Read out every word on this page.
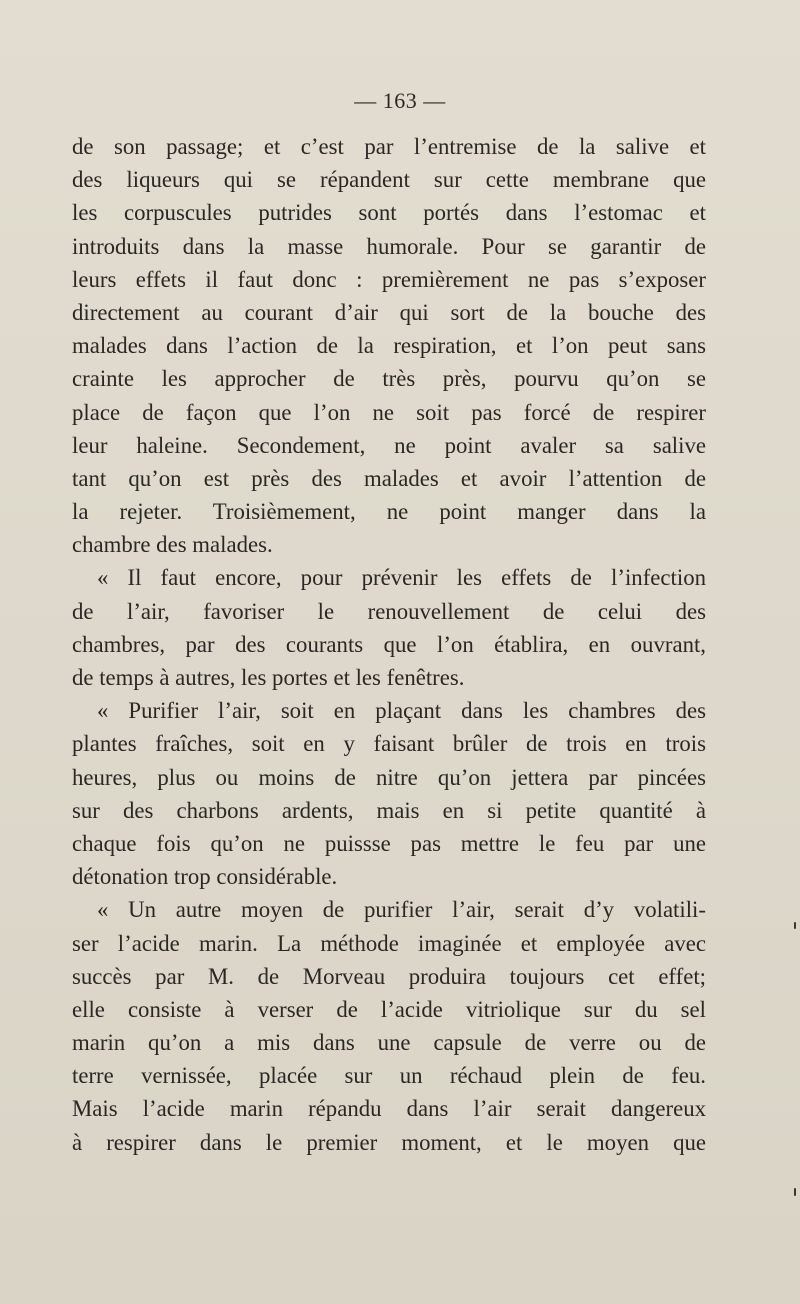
— 163 —
de son passage; et c’est par l’entremise de la salive et
des liqueurs qui se répandent sur cette membrane que
les corpuscules putrides sont portés dans l’estomac et
introduits dans la masse humorale. Pour se garantir de
leurs effets il faut donc : premièrement ne pas s’exposer
directement au courant d’air qui sort de la bouche des
malades dans l’action de la respiration, et l’on peut sans
crainte les approcher de très près, pourvu qu’on se
place de façon que l’on ne soit pas forcé de respirer
leur haleine. Secondement, ne point avaler sa salive
tant qu’on est près des malades et avoir l’attention de
la rejeter. Troisièmement, ne point manger dans la
chambre des malades.
« Il faut encore, pour prévenir les effets de l’infection
de l’air, favoriser le renouvellement de celui des
chambres, par des courants que l’on établira, en ouvrant,
de temps à autres, les portes et les fenêtres.
« Purifier l’air, soit en plaçant dans les chambres des
plantes fraîches, soit en y faisant brûler de trois en trois
heures, plus ou moins de nitre qu’on jettera par pincées
sur des charbons ardents, mais en si petite quantité à
chaque fois qu’on ne puissse pas mettre le feu par une
détonation trop considérable.
« Un autre moyen de purifier l’air, serait d’y volatili-
ser l’acide marin. La méthode imaginée et employée avec
succès par M. de Morveau produira toujours cet effet;
elle consiste à verser de l’acide vitriolique sur du sel
marin qu’on a mis dans une capsule de verre ou de
terre vernissée, placée sur un réchaud plein de feu.
Mais l’acide marin répandu dans l’air serait dangereux
à respirer dans le premier moment, et le moyen que
